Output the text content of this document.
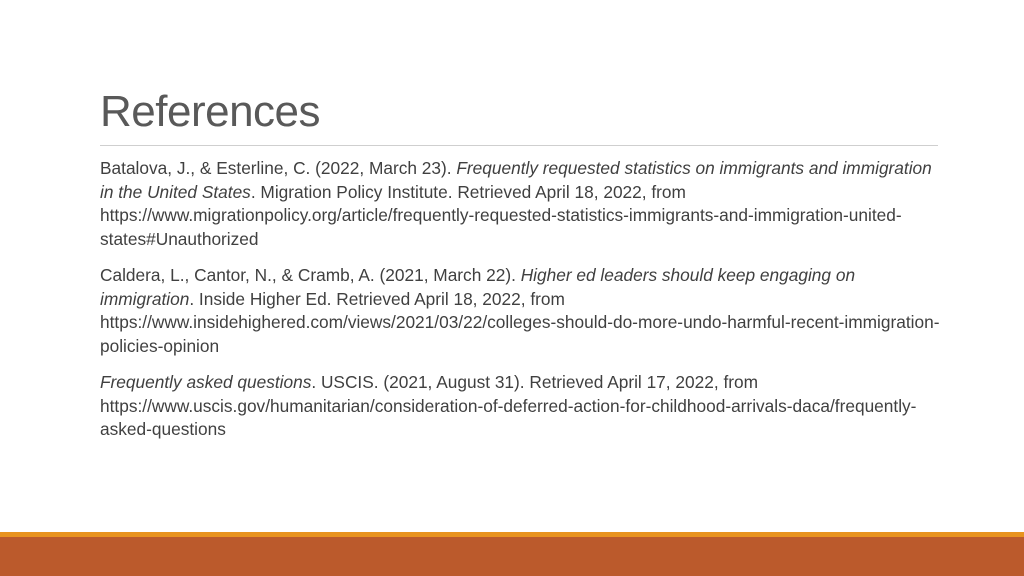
References

Batalova, J., & Esterline, C. (2022, March 23). Frequently requested statistics on immigrants and immigration in the United States. Migration Policy Institute. Retrieved April 18, 2022, from https://www.migrationpolicy.org/article/frequently-requested-statistics-immigrants-and-immigration-united-states#Unauthorized

Caldera, L., Cantor, N., & Cramb, A. (2021, March 22). Higher ed leaders should keep engaging on immigration. Inside Higher Ed. Retrieved April 18, 2022, from https://www.insidehighered.com/views/2021/03/22/colleges-should-do-more-undo-harmful-recent-immigration-policies-opinion

Frequently asked questions. USCIS. (2021, August 31). Retrieved April 17, 2022, from https://www.uscis.gov/humanitarian/consideration-of-deferred-action-for-childhood-arrivals-daca/frequently-asked-questions
